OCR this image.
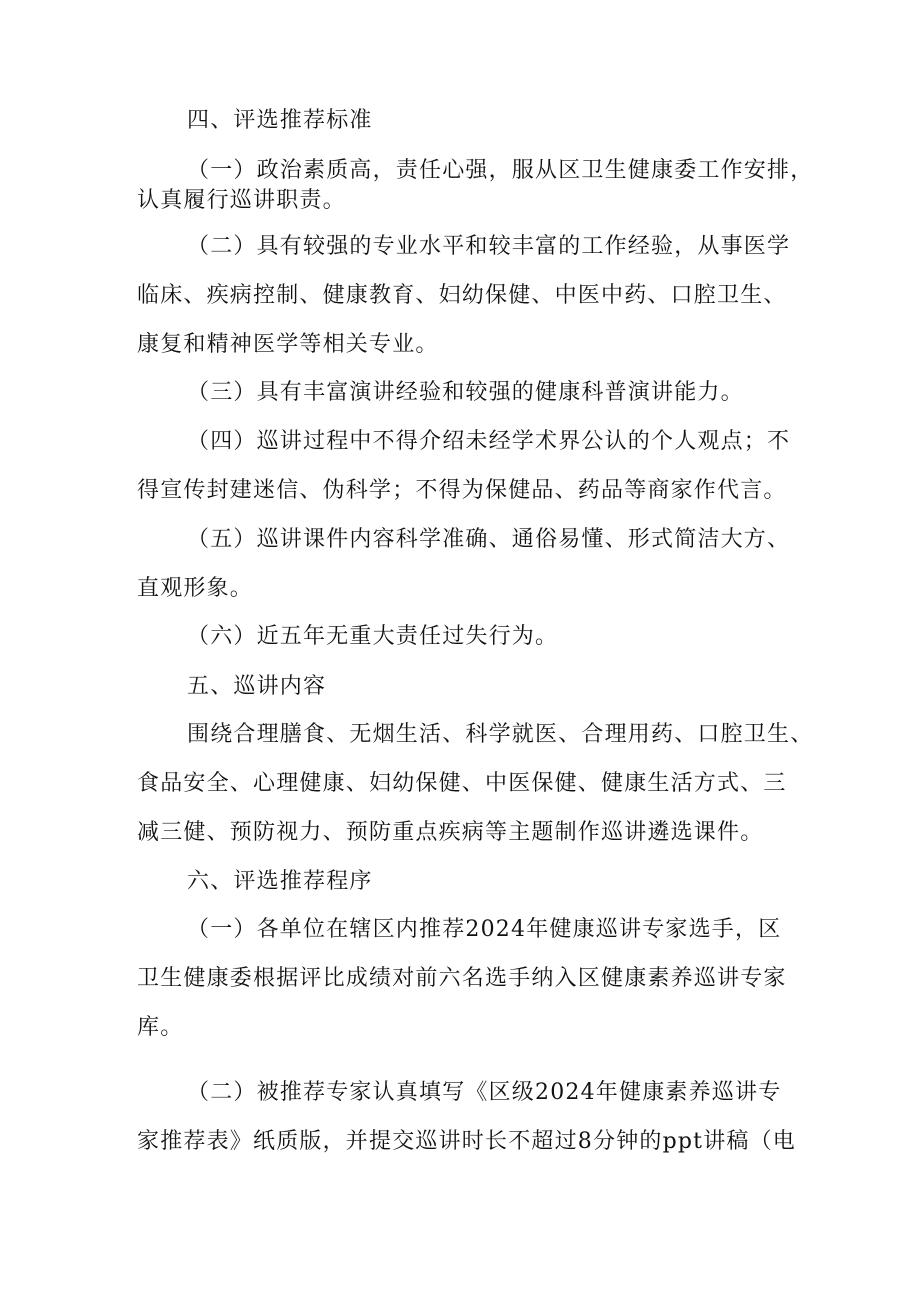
四、评选推荐标准
（一）政治素质高，责任心强，服从区卫生健康委工作安排，
认真履行巡讲职责。
（二）具有较强的专业水平和较丰富的工作经验，从事医学
临床、疾病控制、健康教育、妇幼保健、中医中药、口腔卫生、
康复和精神医学等相关专业。
（三）具有丰富演讲经验和较强的健康科普演讲能力。
（四）巡讲过程中不得介绍未经学术界公认的个人观点；不
得宣传封建迷信、伪科学；不得为保健品、药品等商家作代言。
（五）巡讲课件内容科学准确、通俗易懂、形式简洁大方、
直观形象。
（六）近五年无重大责任过失行为。
五、巡讲内容
围绕合理膳食、无烟生活、科学就医、合理用药、口腔卫生、
食品安全、心理健康、妇幼保健、中医保健、健康生活方式、三
减三健、预防视力、预防重点疾病等主题制作巡讲遴选课件。
六、评选推荐程序
（一）各单位在辖区内推荐2024年健康巡讲专家选手，区
卫生健康委根据评比成绩对前六名选手纳入区健康素养巡讲专家
库。
（二）被推荐专家认真填写《区级2024年健康素养巡讲专
家推荐表》纸质版，并提交巡讲时长不超过8分钟的ppt讲稿（电
